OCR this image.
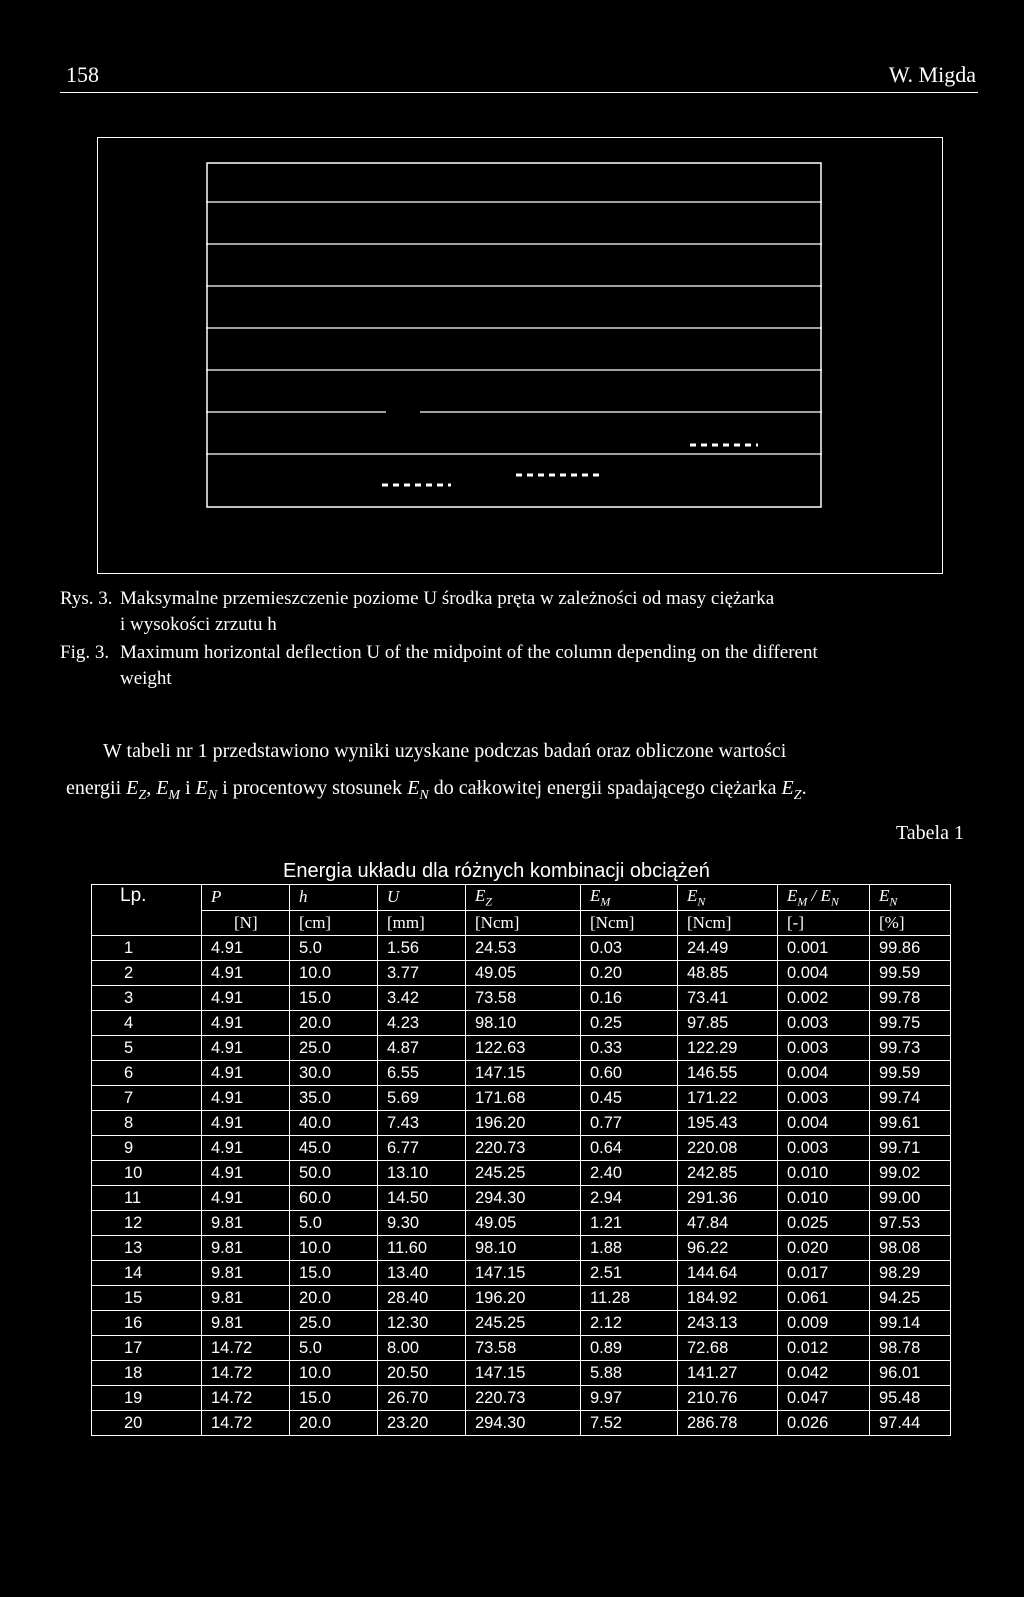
158	W. Migda
Rys. 3. Maksymalne przemieszczenie poziome U środka pręta w zależności od masy ciężarka
i wysokości zrzutu h
Fig. 3. Maximum horizontal deflection U of the midpoint of the column depending on the different
weight
W tabeli nr 1 przedstawiono wyniki uzyskane podczas badań oraz obliczone wartości
energii $E_Z$, $E_M$ i $E_N$ i procentowy stosunek $E_N$ do całkowitej energii spadającego ciężarka $E_Z$.
Tabela 1
Energia układu dla różnych kombinacji obciążeń
Lp.	P	h	U	$E_Z$	$E_M$	$E_N$	$E_M / E_N$	$E_N$
	[N]	[cm]	[mm]	[Ncm]	[Ncm]	[Ncm]	[-]	[%]
1	4.91	5.0	1.56	24.53	0.03	24.49	0.001	99.86
2	4.91	10.0	3.77	49.05	0.20	48.85	0.004	99.59
3	4.91	15.0	3.42	73.58	0.16	73.41	0.002	99.78
4	4.91	20.0	4.23	98.10	0.25	97.85	0.003	99.75
5	4.91	25.0	4.87	122.63	0.33	122.29	0.003	99.73
6	4.91	30.0	6.55	147.15	0.60	146.55	0.004	99.59
7	4.91	35.0	5.69	171.68	0.45	171.22	0.003	99.74
8	4.91	40.0	7.43	196.20	0.77	195.43	0.004	99.61
9	4.91	45.0	6.77	220.73	0.64	220.08	0.003	99.71
10	4.91	50.0	13.10	245.25	2.40	242.85	0.010	99.02
11	4.91	60.0	14.50	294.30	2.94	291.36	0.010	99.00
12	9.81	5.0	9.30	49.05	1.21	47.84	0.025	97.53
13	9.81	10.0	11.60	98.10	1.88	96.22	0.020	98.08
14	9.81	15.0	13.40	147.15	2.51	144.64	0.017	98.29
15	9.81	20.0	28.40	196.20	11.28	184.92	0.061	94.25
16	9.81	25.0	12.30	245.25	2.12	243.13	0.009	99.14
17	14.72	5.0	8.00	73.58	0.89	72.68	0.012	98.78
18	14.72	10.0	20.50	147.15	5.88	141.27	0.042	96.01
19	14.72	15.0	26.70	220.73	9.97	210.76	0.047	95.48
20	14.72	20.0	23.20	294.30	7.52	286.78	0.026	97.44
